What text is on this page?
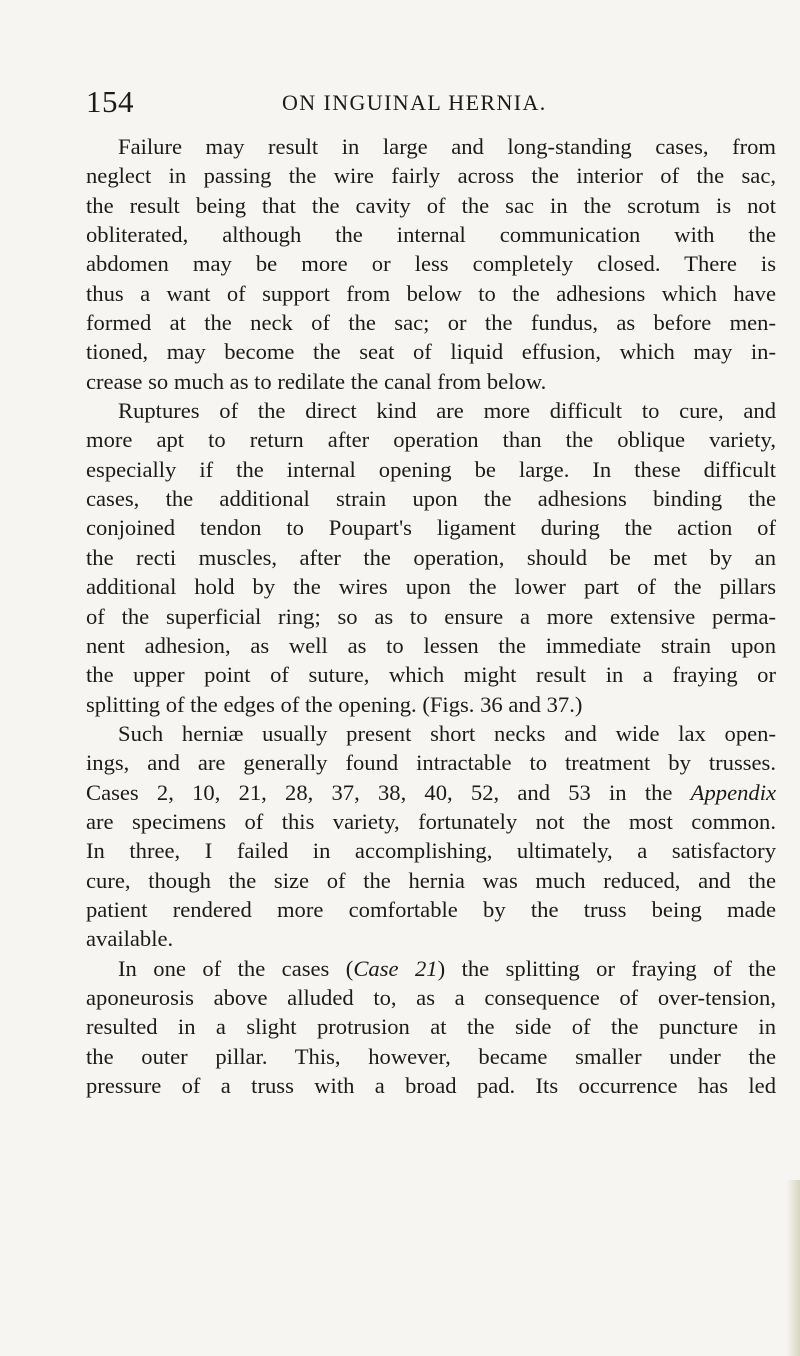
154	ON INGUINAL HERNIA.
Failure may result in large and long-standing cases, from
neglect in passing the wire fairly across the interior of the sac,
the result being that the cavity of the sac in the scrotum is not
obliterated, although the internal communication with the
abdomen may be more or less completely closed. There is
thus a want of support from below to the adhesions which have
formed at the neck of the sac; or the fundus, as before men-
tioned, may become the seat of liquid effusion, which may in-
crease so much as to redilate the canal from below.
Ruptures of the direct kind are more difficult to cure, and
more apt to return after operation than the oblique variety,
especially if the internal opening be large. In these difficult
cases, the additional strain upon the adhesions binding the
conjoined tendon to Poupart's ligament during the action of
the recti muscles, after the operation, should be met by an
additional hold by the wires upon the lower part of the pillars
of the superficial ring; so as to ensure a more extensive perma-
nent adhesion, as well as to lessen the immediate strain upon
the upper point of suture, which might result in a fraying or
splitting of the edges of the opening. (Figs. 36 and 37.)
Such herniæ usually present short necks and wide lax open-
ings, and are generally found intractable to treatment by trusses.
Cases 2, 10, 21, 28, 37, 38, 40, 52, and 53 in the Appendix
are specimens of this variety, fortunately not the most common.
In three, I failed in accomplishing, ultimately, a satisfactory
cure, though the size of the hernia was much reduced, and the
patient rendered more comfortable by the truss being made
available.
In one of the cases (Case 21) the splitting or fraying of the
aponeurosis above alluded to, as a consequence of over-tension,
resulted in a slight protrusion at the side of the puncture in
the outer pillar. This, however, became smaller under the
pressure of a truss with a broad pad. Its occurrence has led
